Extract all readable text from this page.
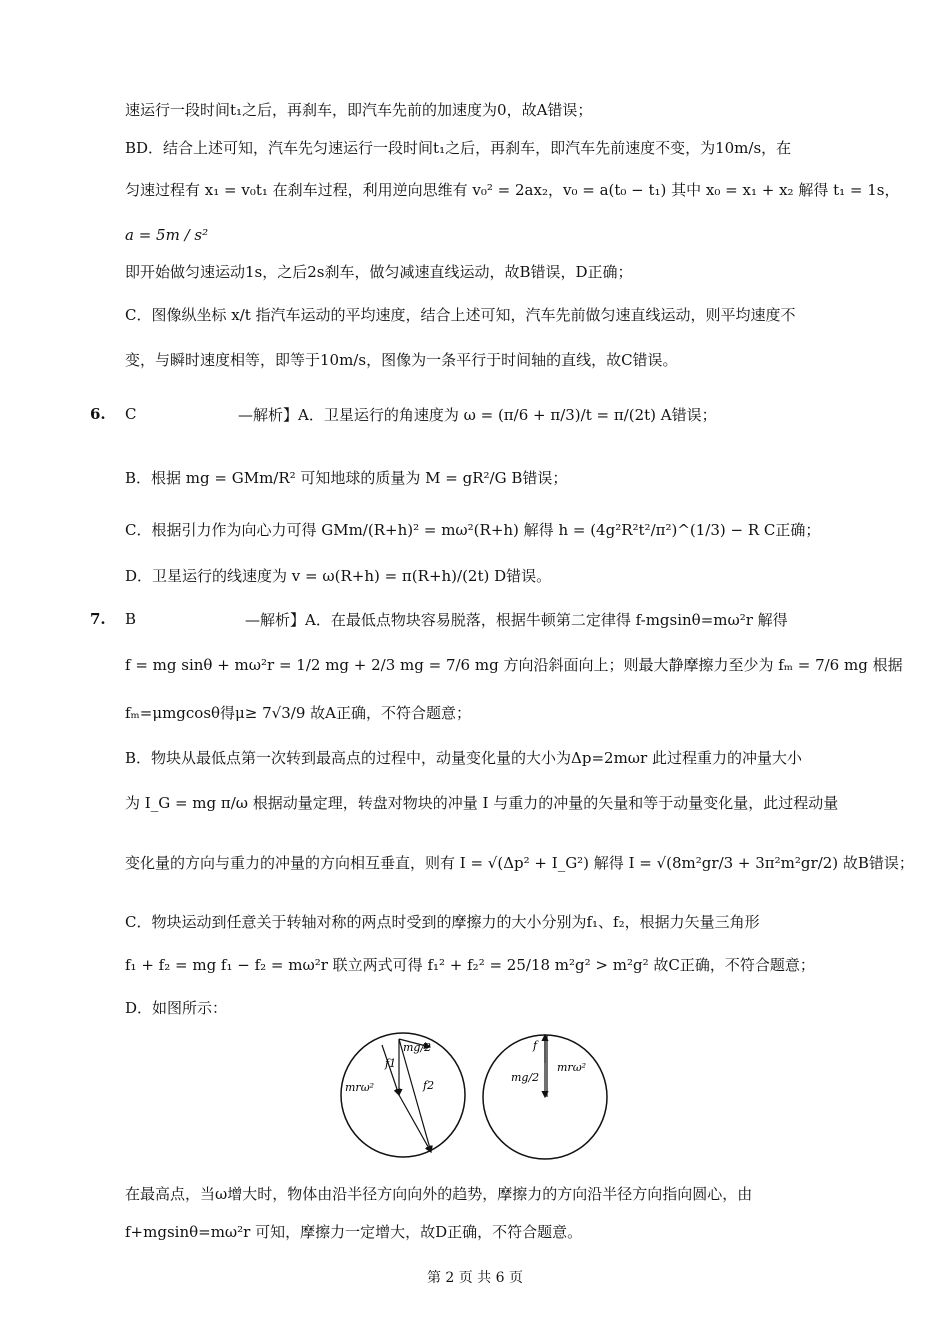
速运行一段时间t₁之后，再刹车，即汽车先前的加速度为0，故A错误；
BD．结合上述可知，汽车先匀速运行一段时间t₁之后，再刹车，即汽车先前速度不变，为10m/s，在
匀速过程有 x₁ = v₀t₁ 在刹车过程，利用逆向思维有 v₀² = 2ax₂，v₀ = a(t₀ − t₁) 其中 x₀ = x₁ + x₂ 解得 t₁ = 1s，
a = 5m / s²
即开始做匀速运动1s，之后2s刹车，做匀减速直线运动，故B错误，D正确；
C．图像纵坐标 x/t 指汽车运动的平均速度，结合上述可知，汽车先前做匀速直线运动，则平均速度不
变，与瞬时速度相等，即等于10m/s，图像为一条平行于时间轴的直线，故C错误。
6. C	—解析】A．卫星运行的角速度为 ω = (π/6 + π/3)/t = π/(2t) A错误；
B．根据 mg = GMm/R² 可知地球的质量为 M = gR²/G B错误；
C．根据引力作为向心力可得 GMm/(R+h)² = mω²(R+h) 解得 h = (4g²R²t²/π²)^(1/3) − R C正确；
D．卫星运行的线速度为 v = ω(R+h) = π(R+h)/(2t) D错误。
7. B	—解析】A．在最低点物块容易脱落，根据牛顿第二定律得 f-mgsinθ=mω²r 解得
f = mg sinθ + mω²r = 1/2 mg + 2/3 mg = 7/6 mg 方向沿斜面向上；则最大静摩擦力至少为 fₘ = 7/6 mg 根据
fₘ=μmgcosθ得μ≥ 7√3/9 故A正确，不符合题意；
B．物块从最低点第一次转到最高点的过程中，动量变化量的大小为Δp=2mωr 此过程重力的冲量大小
为 I_G = mg π/ω 根据动量定理，转盘对物块的冲量 I 与重力的冲量的矢量和等于动量变化量，此过程动量
变化量的方向与重力的冲量的方向相互垂直，则有 I = √(Δp² + I_G²) 解得 I = √(8m²gr/3 + 3π²m²gr/2) 故B错误；
C．物块运动到任意关于转轴对称的两点时受到的摩擦力的大小分别为f₁、f₂，根据力矢量三角形
f₁ + f₂ = mg f₁ − f₂ = mω²r 联立两式可得 f₁² + f₂² = 25/18 m²g² > m²g² 故C正确，不符合题意；
D．如图所示：
mg/2
f1
mrω²	f2
f
mg/2
mrω²
在最高点，当ω增大时，物体由沿半径方向向外的趋势，摩擦力的方向沿半径方向指向圆心，由
f+mgsinθ=mω²r 可知，摩擦力一定增大，故D正确，不符合题意。
第 2 页 共 6 页
